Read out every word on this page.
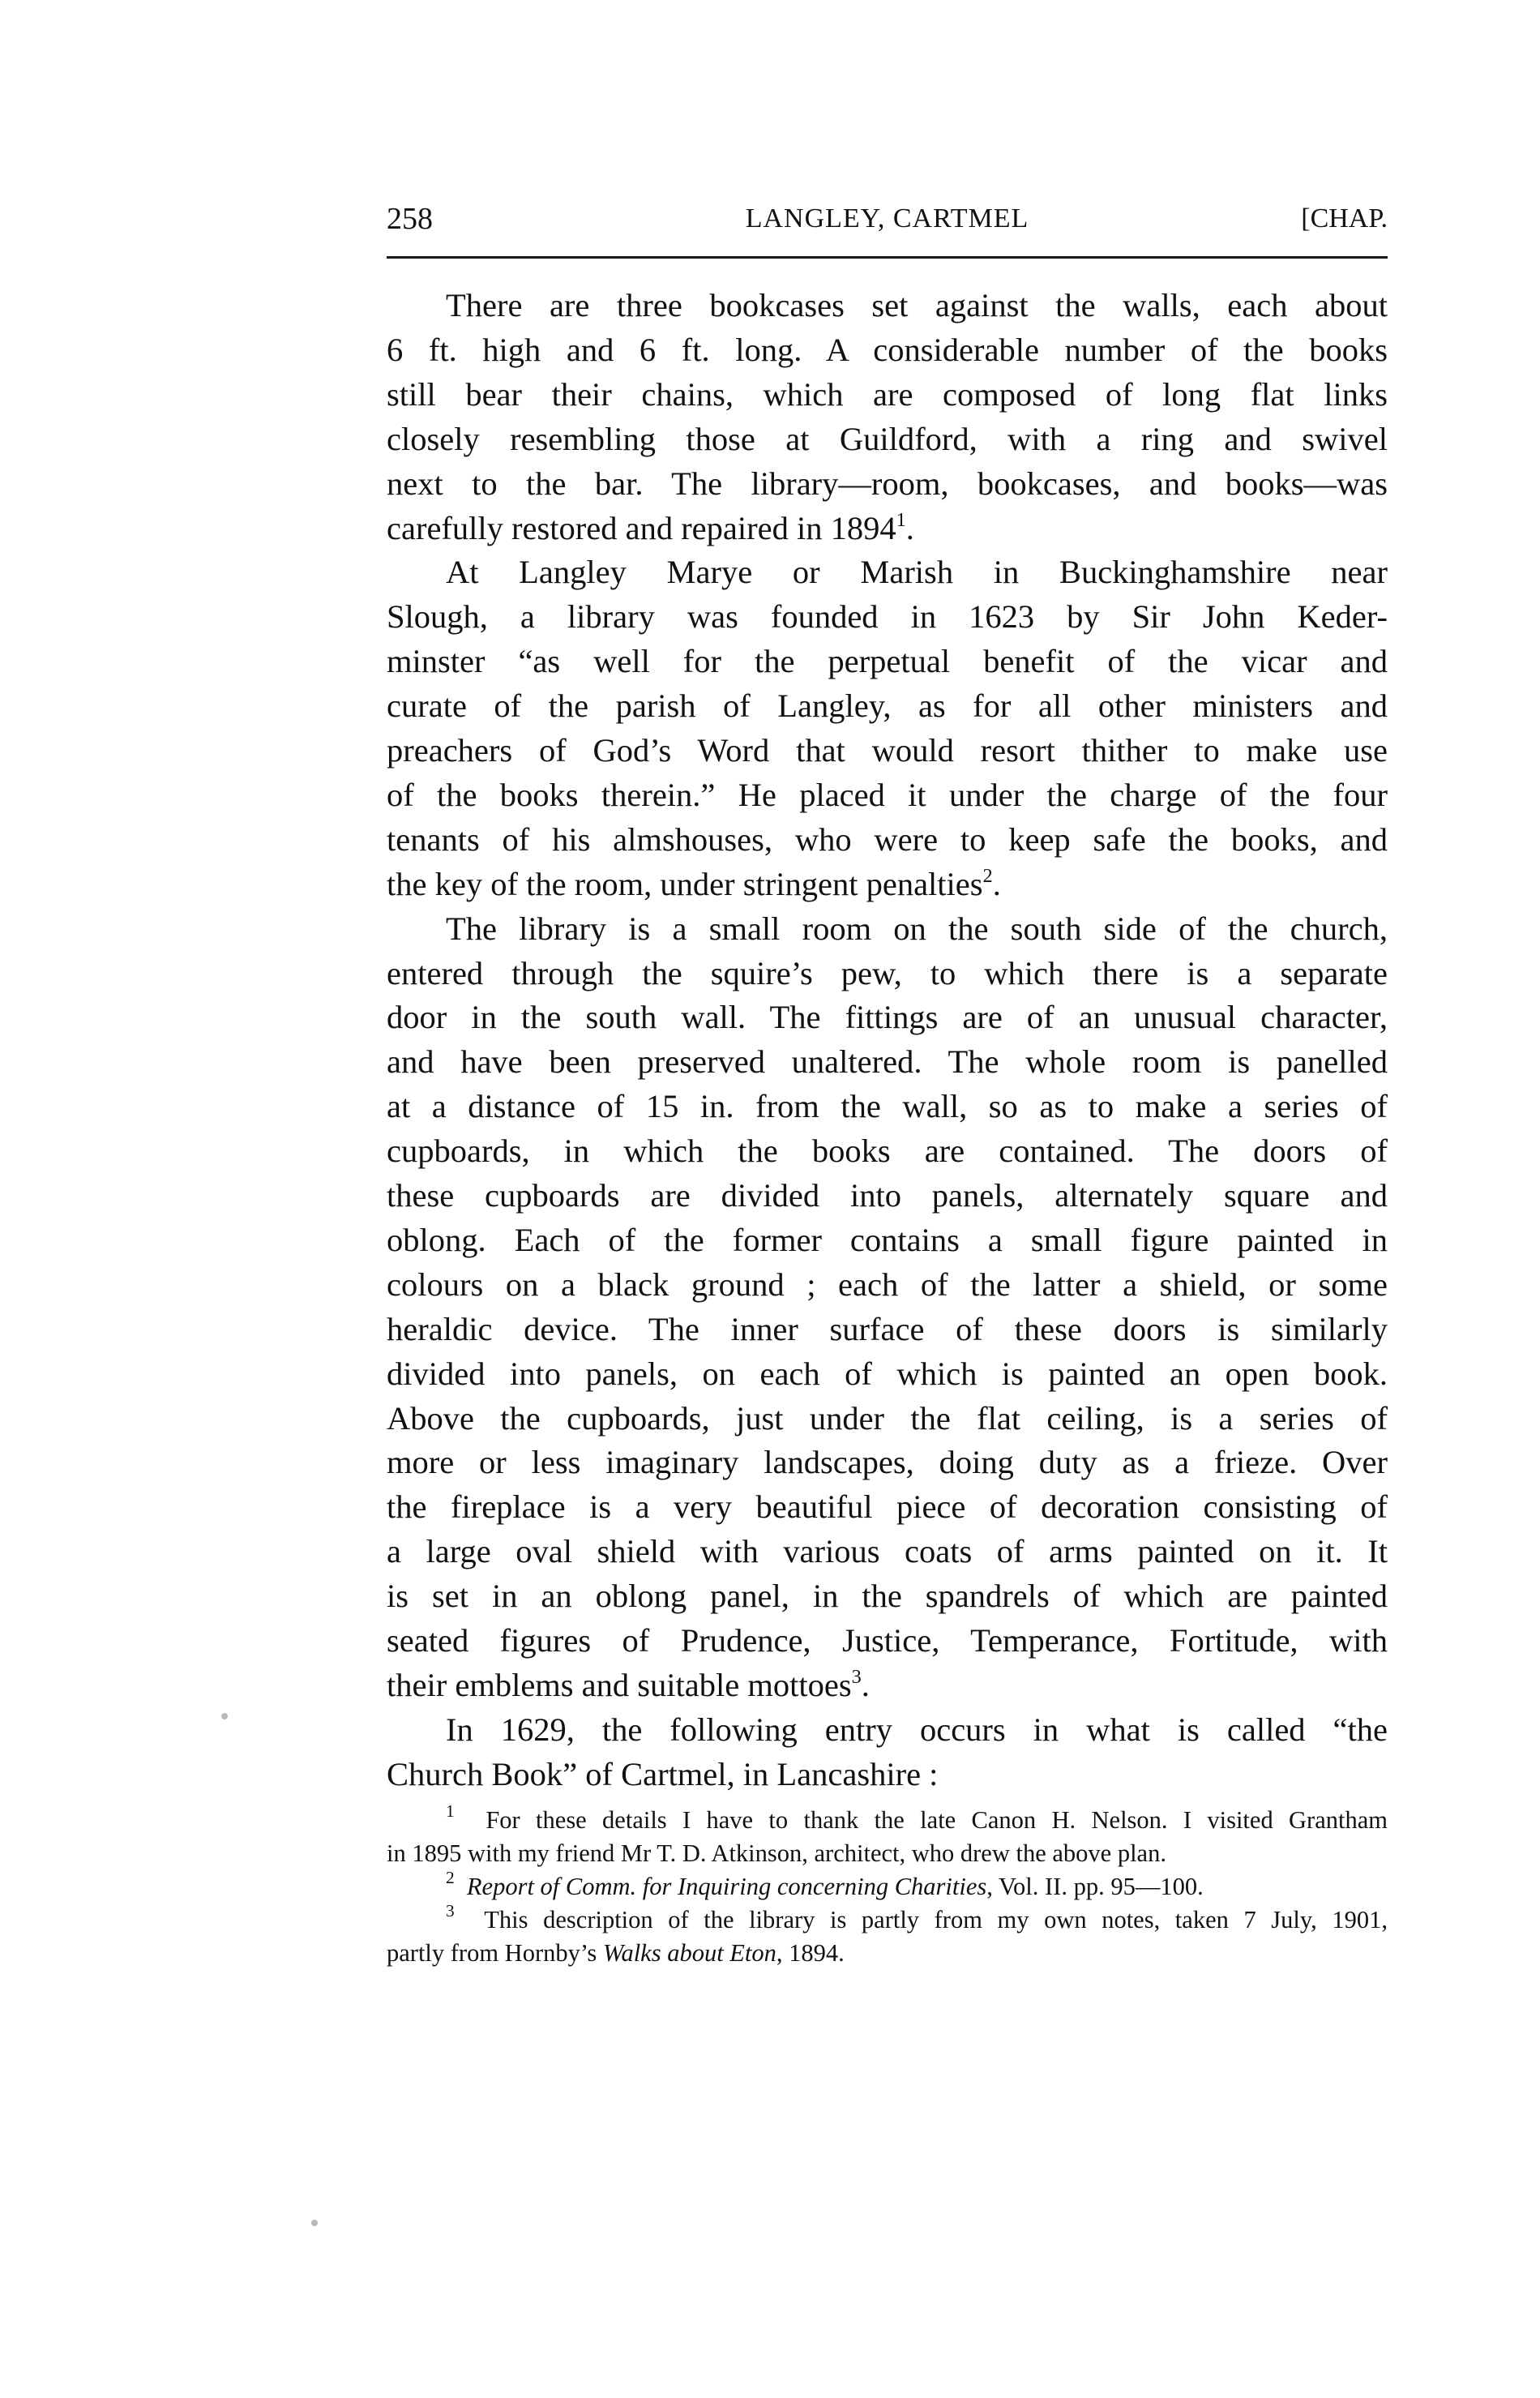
258	LANGLEY, CARTMEL	[CHAP.
There are three bookcases set against the walls, each about
6 ft. high and 6 ft. long. A considerable number of the books
still bear their chains, which are composed of long flat links
closely resembling those at Guildford, with a ring and swivel
next to the bar. The library—room, bookcases, and books—was
carefully restored and repaired in 1894$^1$.
At Langley Marye or Marish in Buckinghamshire near
Slough, a library was founded in 1623 by Sir John Keder-
minster “as well for the perpetual benefit of the vicar and
curate of the parish of Langley, as for all other ministers and
preachers of God’s Word that would resort thither to make use
of the books therein.” He placed it under the charge of the four
tenants of his almshouses, who were to keep safe the books, and
the key of the room, under stringent penalties$^2$.
The library is a small room on the south side of the church,
entered through the squire’s pew, to which there is a separate
door in the south wall. The fittings are of an unusual character,
and have been preserved unaltered. The whole room is panelled
at a distance of 15 in. from the wall, so as to make a series of
cupboards, in which the books are contained. The doors of
these cupboards are divided into panels, alternately square and
oblong. Each of the former contains a small figure painted in
colours on a black ground ; each of the latter a shield, or some
heraldic device. The inner surface of these doors is similarly
divided into panels, on each of which is painted an open book.
Above the cupboards, just under the flat ceiling, is a series of
more or less imaginary landscapes, doing duty as a frieze. Over
the fireplace is a very beautiful piece of decoration consisting of
a large oval shield with various coats of arms painted on it. It
is set in an oblong panel, in the spandrels of which are painted
seated figures of Prudence, Justice, Temperance, Fortitude, with
their emblems and suitable mottoes$^3$.
In 1629, the following entry occurs in what is called “the
Church Book” of Cartmel, in Lancashire :
$^1$  For these details I have to thank the late Canon H. Nelson. I visited Grantham
in 1895 with my friend Mr T. D. Atkinson, architect, who drew the above plan.
$^2$ Report of Comm. for Inquiring concerning Charities, Vol. II. pp. 95—100.
$^3$  This description of the library is partly from my own notes, taken 7 July, 1901,
partly from Hornby’s Walks about Eton, 1894.
